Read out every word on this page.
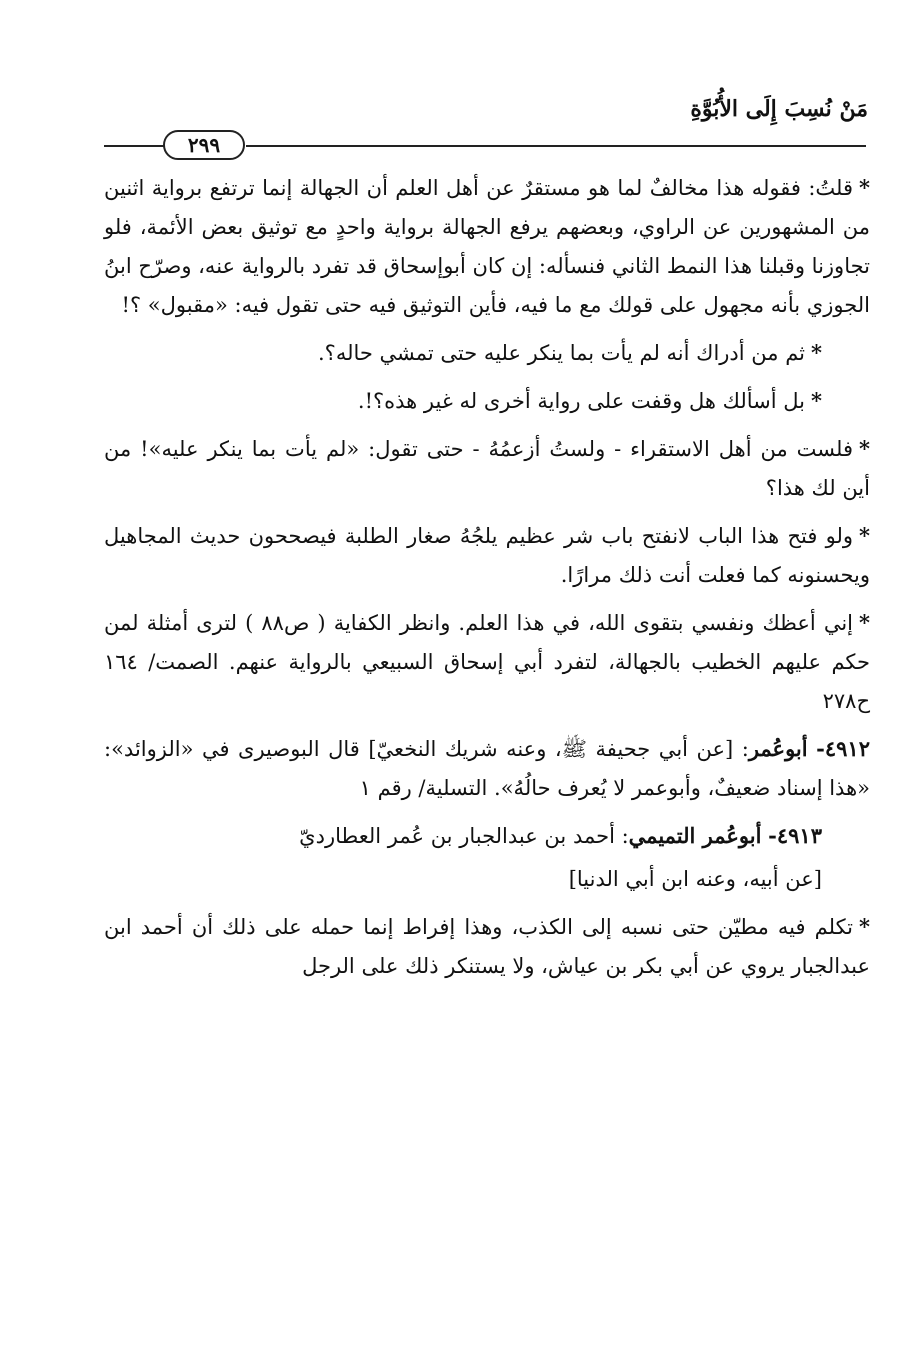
مَنْ نُسِبَ إِلَى الأُبُوَّةِ
٢٩٩

*قلتُ: فقوله هذا مخالفٌ لما هو مستقرٌ عن أهل العلم أن الجهالة إنما ترتفع برواية اثنين من المشهورين عن الراوي، وبعضهم يرفع الجهالة برواية واحدٍ مع توثيق بعض الأئمة، فلو تجاوزنا وقبلنا هذا النمط الثاني فنسأله: إن كان أبوإسحاق قد تفرد بالرواية عنه، وصرّح ابنُ الجوزي بأنه مجهول على قولك مع ما فيه، فأين التوثيق فيه حتى تقول فيه: «مقبول» ؟!

*ثم من أدراك أنه لم يأت بما ينكر عليه حتى تمشي حاله؟.

*بل أسألك هل وقفت على رواية أخرى له غير هذه؟!.

*فلست من أهل الاستقراء - ولستُ أزعمُهُ - حتى تقول: «لم يأت بما ينكر عليه»! من أين لك هذا؟

*ولو فتح هذا الباب لانفتح باب شر عظيم يلجُهُ صغار الطلبة فيصححون حديث المجاهيل ويحسنونه كما فعلت أنت ذلك مرارًا.

*إني أعظك ونفسي بتقوى الله، في هذا العلم. وانظر الكفاية ( ص٨٨ ) لترى أمثلة لمن حكم عليهم الخطيب بالجهالة، لتفرد أبي إسحاق السبيعي بالرواية عنهم. الصمت/ ١٦٤ ح٢٧٨

٤٩١٢- أبوعُمر: [عن أبي جحيفة ﷺ، وعنه شريك النخعيّ] قال البوصيرى في «الزوائد»: «هذا إسناد ضعيفٌ، وأبوعمر لا يُعرف حالُهُ». التسلية/ رقم ١

٤٩١٣- أبوعُمر التميمي: أحمد بن عبدالجبار بن عُمر العطارديّ

[عن أبيه، وعنه ابن أبي الدنيا]

*تكلم فيه مطيّن حتى نسبه إلى الكذب، وهذا إفراط إنما حمله على ذلك أن أحمد ابن عبدالجبار يروي عن أبي بكر بن عياش، ولا يستنكر ذلك على الرجل
